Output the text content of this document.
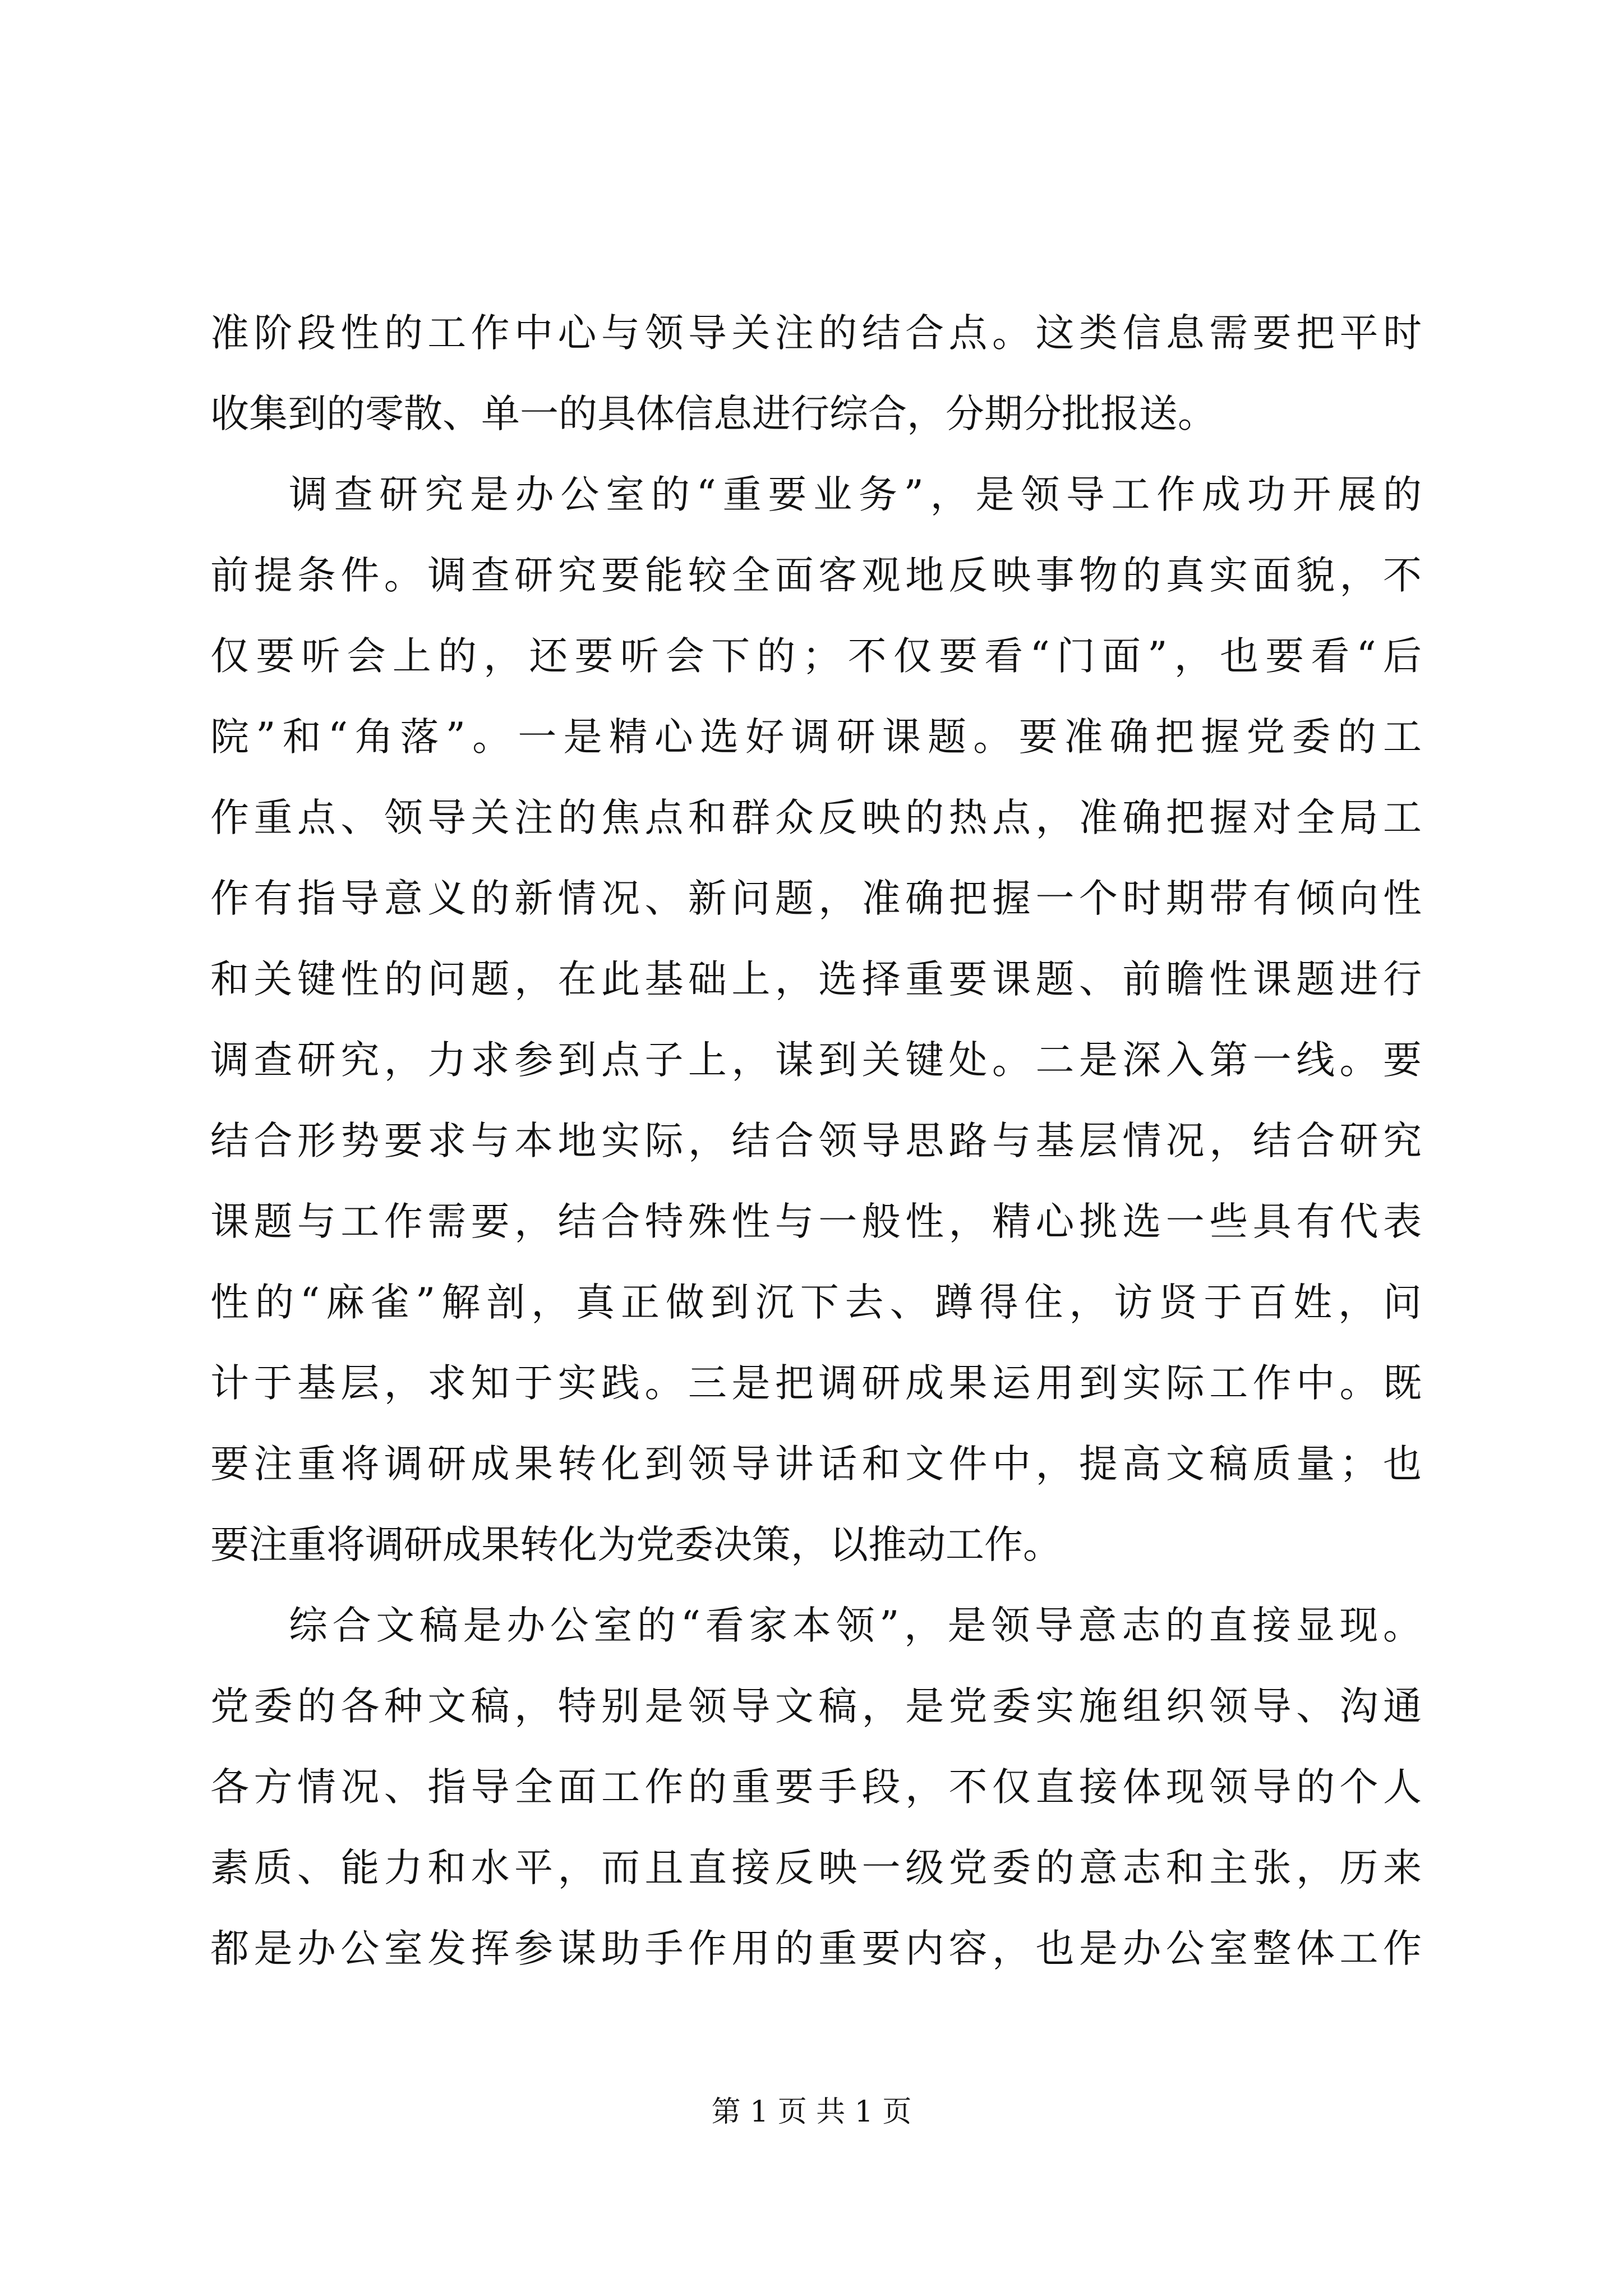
准阶段性的工作中心与领导关注的结合点。这类信息需要把平时
收集到的零散、单一的具体信息进行综合，分期分批报送。
调查研究是办公室的“重要业务”，是领导工作成功开展的
前提条件。调查研究要能较全面客观地反映事物的真实面貌，不
仅要听会上的，还要听会下的；不仅要看“门面”，也要看“后
院”和“角落”。一是精心选好调研课题。要准确把握党委的工
作重点、领导关注的焦点和群众反映的热点，准确把握对全局工
作有指导意义的新情况、新问题，准确把握一个时期带有倾向性
和关键性的问题，在此基础上，选择重要课题、前瞻性课题进行
调查研究，力求参到点子上，谋到关键处。二是深入第一线。要
结合形势要求与本地实际，结合领导思路与基层情况，结合研究
课题与工作需要，结合特殊性与一般性，精心挑选一些具有代表
性的“麻雀”解剖，真正做到沉下去、蹲得住，访贤于百姓，问
计于基层，求知于实践。三是把调研成果运用到实际工作中。既
要注重将调研成果转化到领导讲话和文件中，提高文稿质量；也
要注重将调研成果转化为党委决策，以推动工作。
综合文稿是办公室的“看家本领”，是领导意志的直接显现。
党委的各种文稿，特别是领导文稿，是党委实施组织领导、沟通
各方情况、指导全面工作的重要手段，不仅直接体现领导的个人
素质、能力和水平，而且直接反映一级党委的意志和主张，历来
都是办公室发挥参谋助手作用的重要内容，也是办公室整体工作
第 1 页 共 1 页
